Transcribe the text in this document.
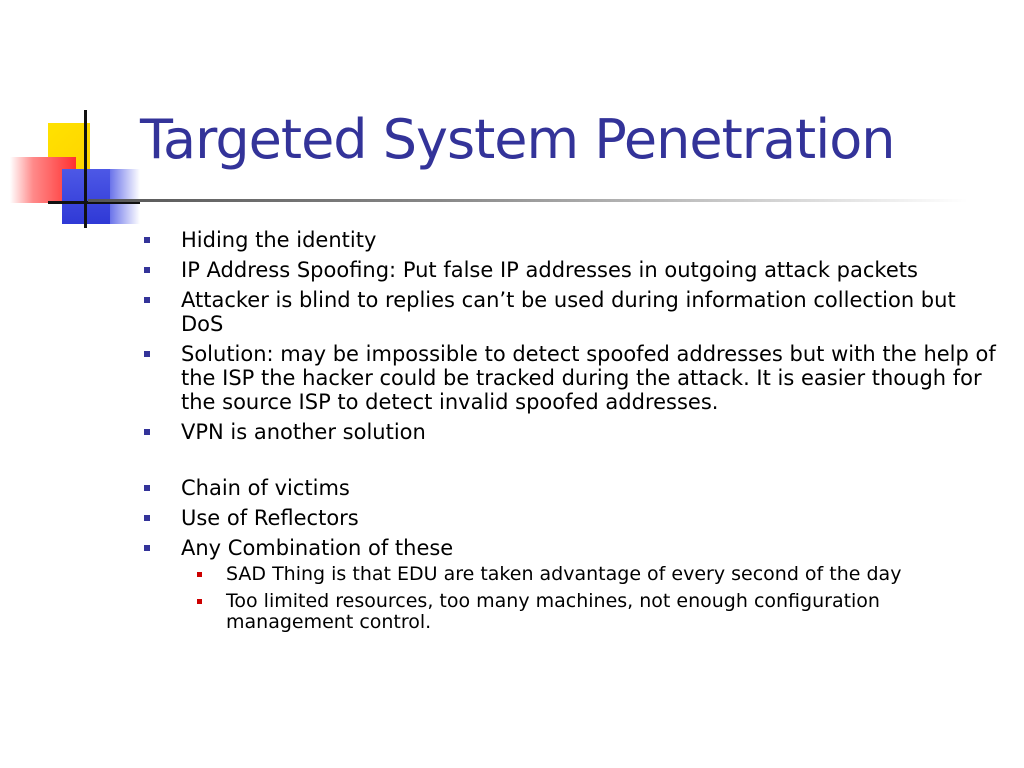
Targeted System Penetration
Hiding the identity
IP Address Spoofing: Put false IP addresses in outgoing attack packets
Attacker is blind to replies can’t be used during information collection but DoS
Solution: may be impossible to detect spoofed addresses but with the help of the ISP the hacker could be tracked during the attack. It is easier though for the source ISP to detect invalid spoofed addresses.
VPN is another solution
Chain of victims
Use of Reflectors
Any Combination of these
SAD Thing is that EDU are taken advantage of every second of the day
Too limited resources, too many machines, not enough configuration management control.
